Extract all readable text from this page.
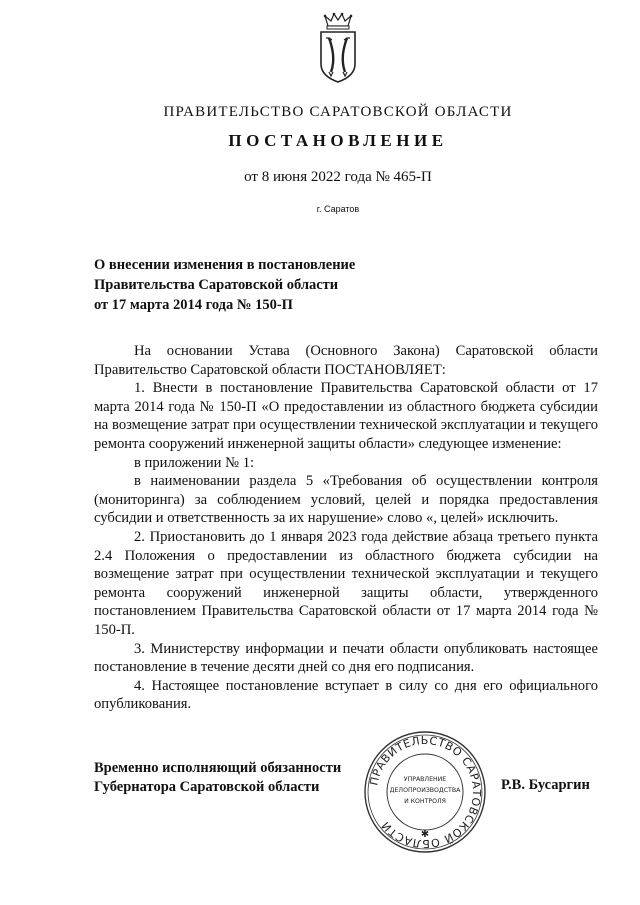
ПРАВИТЕЛЬСТВО САРАТОВСКОЙ ОБЛАСТИ
ПОСТАНОВЛЕНИЕ
от 8 июня 2022 года № 465-П
г. Саратов
О внесении изменения в постановление
Правительства Саратовской области
от 17 марта 2014 года № 150-П

На основании Устава (Основного Закона) Саратовской области Правительство Саратовской области ПОСТАНОВЛЯЕТ:

1. Внести в постановление Правительства Саратовской области от 17 марта 2014 года № 150-П «О предоставлении из областного бюджета субсидии на возмещение затрат при осуществлении технической эксплуатации и текущего ремонта сооружений инженерной защиты области» следующее изменение:

в приложении № 1:

в наименовании раздела 5 «Требования об осуществлении контроля (мониторинга) за соблюдением условий, целей и порядка предоставления субсидии и ответственность за их нарушение» слово «, целей» исключить.

2. Приостановить до 1 января 2023 года действие абзаца третьего пункта 2.4 Положения о предоставлении из областного бюджета субсидии на возмещение затрат при осуществлении технической эксплуатации и текущего ремонта сооружений инженерной защиты области, утвержденного постановлением Правительства Саратовской области от 17 марта 2014 года № 150-П.

3. Министерству информации и печати области опубликовать настоящее постановление в течение десяти дней со дня его подписания.

4. Настоящее постановление вступает в силу со дня его официального опубликования.

Временно исполняющий обязанности
Губернатора Саратовской области	ПРАВИТЕЛЬСТВО САРАТОВСКОЙ ОБЛАСТИ
УПРАВЛЕНИЕ
ДЕЛОПРОИЗВОДСТВА
И КОНТРОЛЯ
✱
Р.В. Бусаргин
